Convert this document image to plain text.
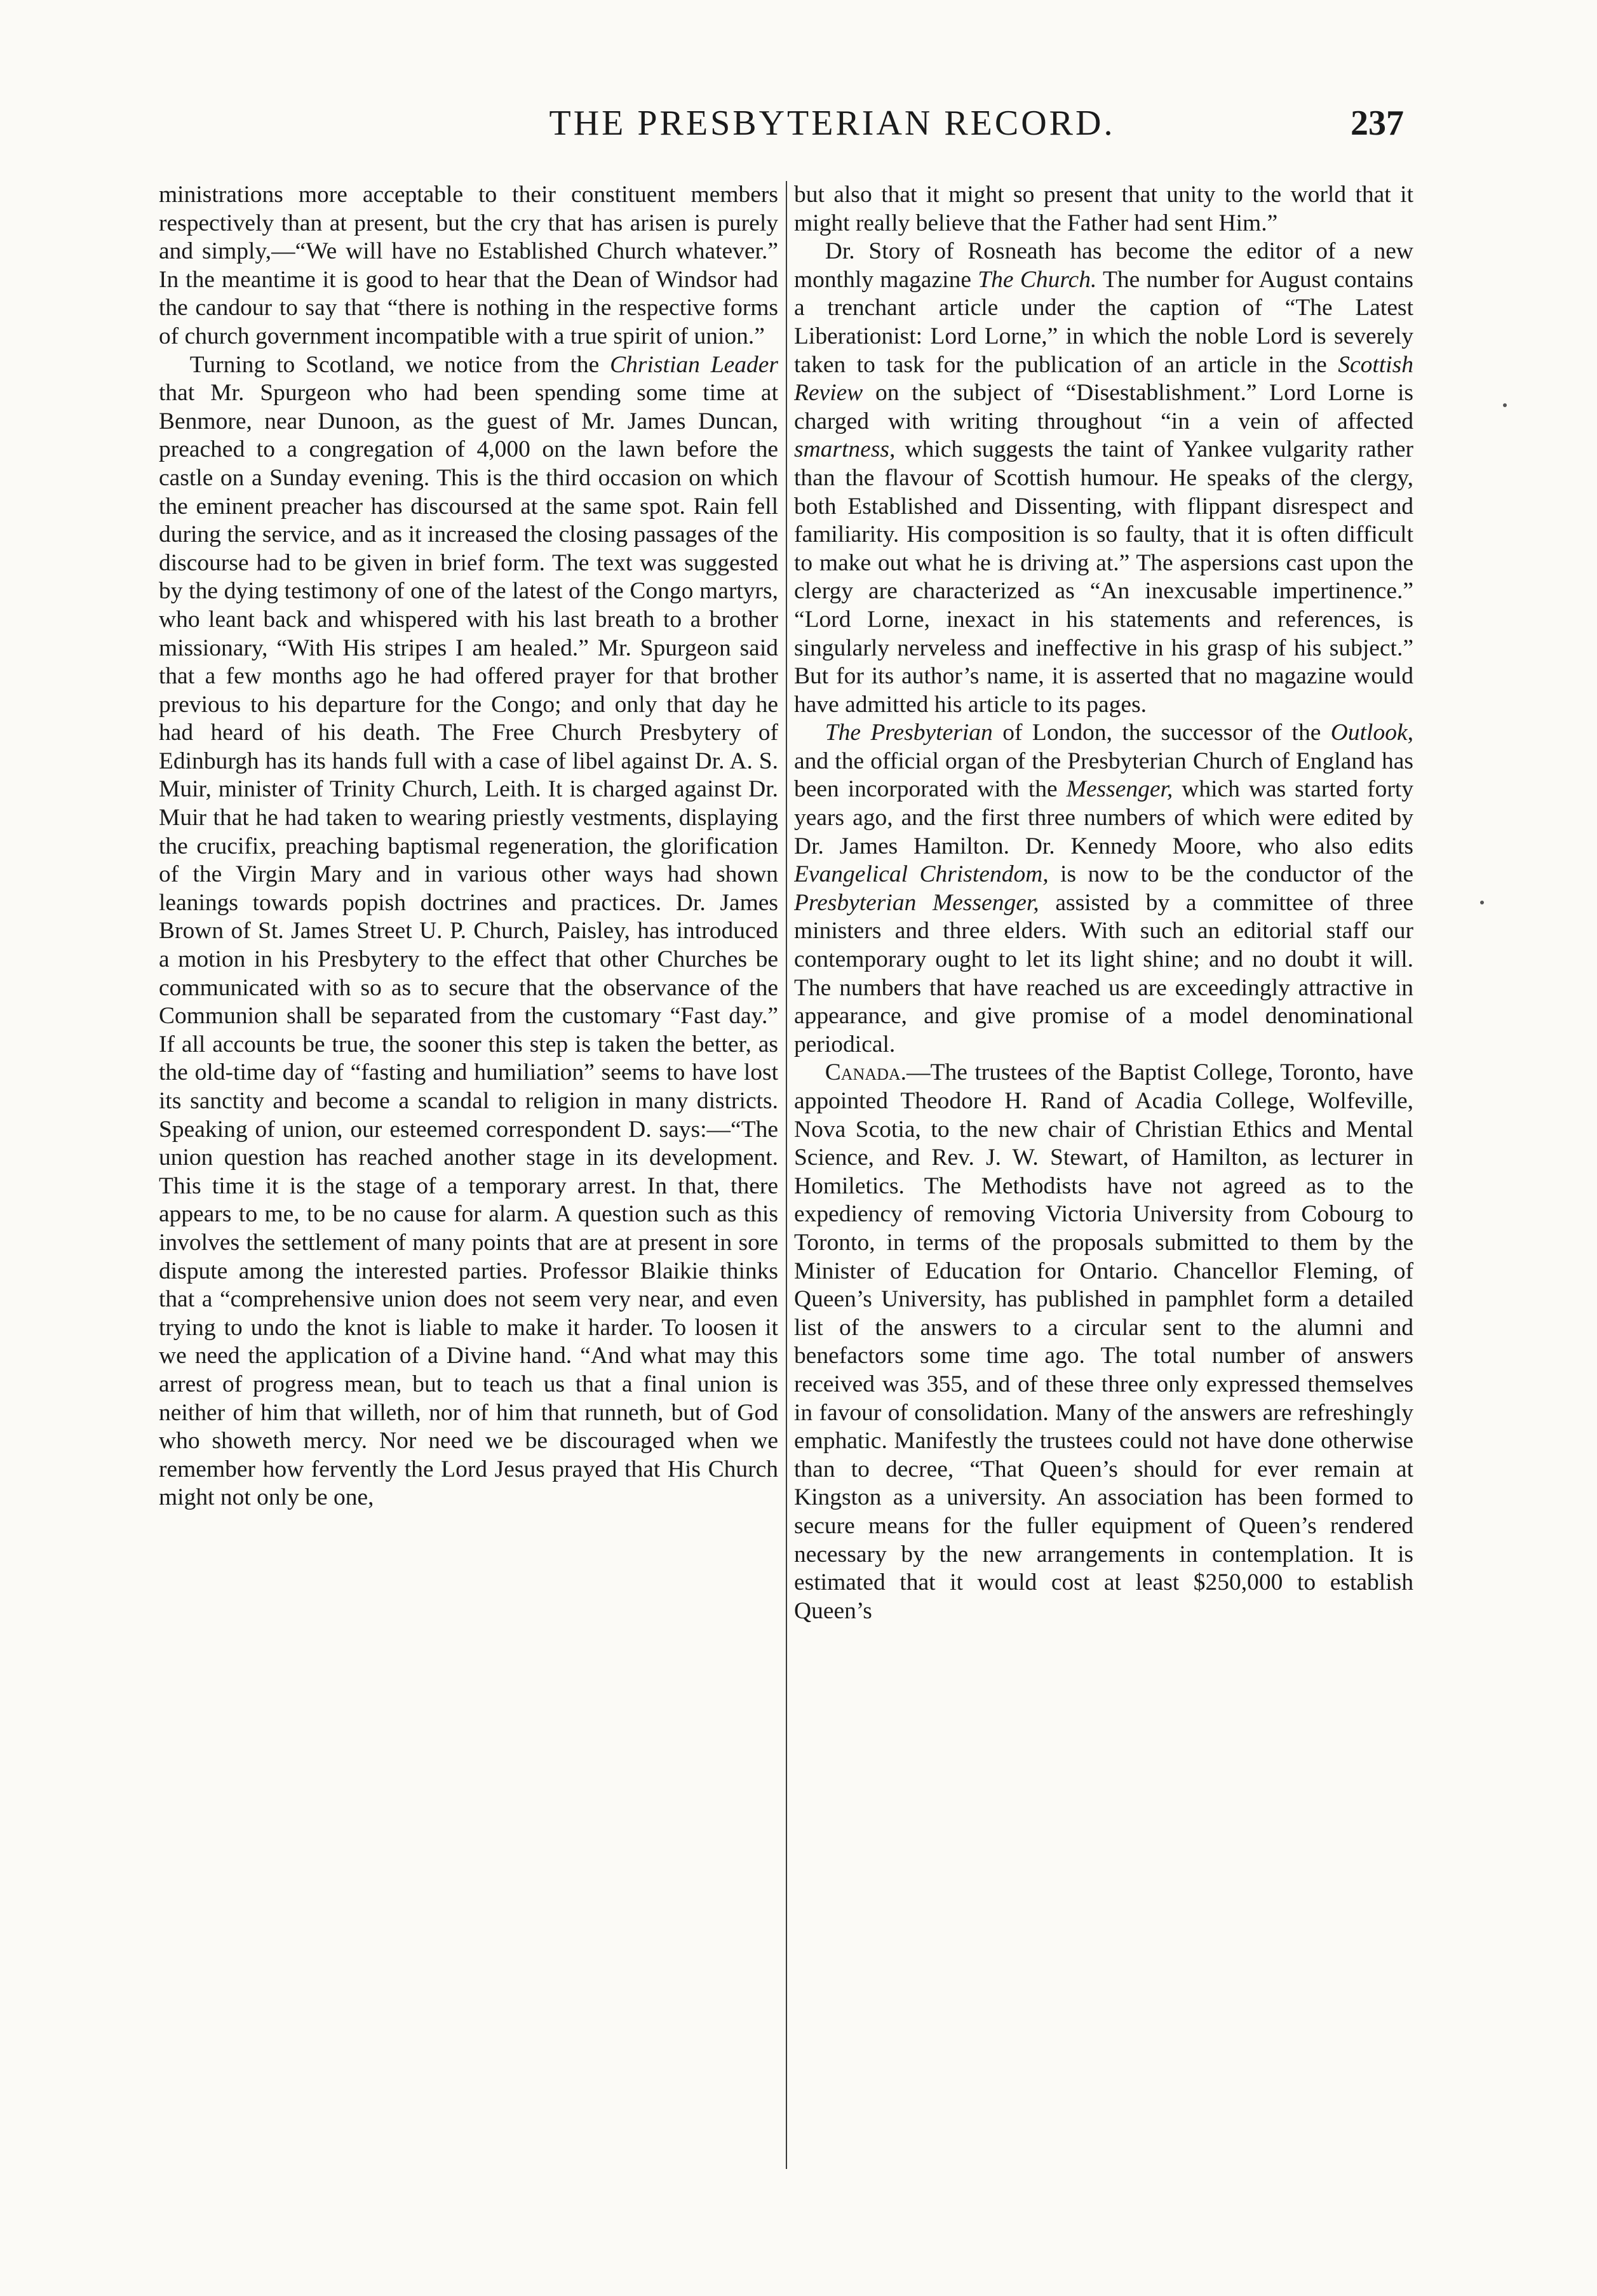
THE PRESBYTERIAN RECORD.	237

ministrations more acceptable to their constituent members respectively than at present, but the cry that has arisen is purely and simply,—“We will have no Established Church whatever.” In the meantime it is good to hear that the Dean of Windsor had the candour to say that “there is nothing in the respective forms of church government incompatible with a true spirit of union.”

Turning to Scotland, we notice from the Christian Leader that Mr. Spurgeon who had been spending some time at Benmore, near Dunoon, as the guest of Mr. James Duncan, preached to a congregation of 4,000 on the lawn before the castle on a Sunday evening. This is the third occasion on which the eminent preacher has discoursed at the same spot. Rain fell during the service, and as it increased the closing passages of the discourse had to be given in brief form. The text was suggested by the dying testimony of one of the latest of the Congo martyrs, who leant back and whispered with his last breath to a brother missionary, “With His stripes I am healed.” Mr. Spurgeon said that a few months ago he had offered prayer for that brother previous to his departure for the Congo; and only that day he had heard of his death. The Free Church Presbytery of Edinburgh has its hands full with a case of libel against Dr. A. S. Muir, minister of Trinity Church, Leith. It is charged against Dr. Muir that he had taken to wearing priestly vestments, displaying the crucifix, preaching baptismal regeneration, the glorification of the Virgin Mary and in various other ways had shown leanings towards popish doctrines and practices. Dr. James Brown of St. James Street U. P. Church, Paisley, has introduced a motion in his Presbytery to the effect that other Churches be communicated with so as to secure that the observance of the Communion shall be separated from the customary “Fast day.” If all accounts be true, the sooner this step is taken the better, as the old-time day of “fasting and humiliation” seems to have lost its sanctity and become a scandal to religion in many districts. Speaking of union, our esteemed correspondent D. says:—“The union question has reached another stage in its development. This time it is the stage of a temporary arrest. In that, there appears to me, to be no cause for alarm. A question such as this involves the settlement of many points that are at present in sore dispute among the interested parties. Professor Blaikie thinks that a “comprehensive union does not seem very near, and even trying to undo the knot is liable to make it harder. To loosen it we need the application of a Divine hand. “And what may this arrest of progress mean, but to teach us that a final union is neither of him that willeth, nor of him that runneth, but of God who showeth mercy. Nor need we be discouraged when we remember how fervently the Lord Jesus prayed that His Church might not only be one,

but also that it might so present that unity to the world that it might really believe that the Father had sent Him.”

Dr. Story of Rosneath has become the editor of a new monthly magazine The Church. The number for August contains a trenchant article under the caption of “The Latest Liberationist: Lord Lorne,” in which the noble Lord is severely taken to task for the publication of an article in the Scottish Review on the subject of “Disestablishment.” Lord Lorne is charged with writing throughout “in a vein of affected smartness, which suggests the taint of Yankee vulgarity rather than the flavour of Scottish humour. He speaks of the clergy, both Established and Dissenting, with flippant disrespect and familiarity. His composition is so faulty, that it is often difficult to make out what he is driving at.” The aspersions cast upon the clergy are characterized as “An inexcusable impertinence.” “Lord Lorne, inexact in his statements and references, is singularly nerveless and ineffective in his grasp of his subject.” But for its author’s name, it is asserted that no magazine would have admitted his article to its pages.

The Presbyterian of London, the successor of the Outlook, and the official organ of the Presbyterian Church of England has been incorporated with the Messenger, which was started forty years ago, and the first three numbers of which were edited by Dr. James Hamilton. Dr. Kennedy Moore, who also edits Evangelical Christendom, is now to be the conductor of the Presbyterian Messenger, assisted by a committee of three ministers and three elders. With such an editorial staff our contemporary ought to let its light shine; and no doubt it will. The numbers that have reached us are exceedingly attractive in appearance, and give promise of a model denominational periodical.

Canada.—The trustees of the Baptist College, Toronto, have appointed Theodore H. Rand of Acadia College, Wolfeville, Nova Scotia, to the new chair of Christian Ethics and Mental Science, and Rev. J. W. Stewart, of Hamilton, as lecturer in Homiletics. The Methodists have not agreed as to the expediency of removing Victoria University from Cobourg to Toronto, in terms of the proposals submitted to them by the Minister of Education for Ontario. Chancellor Fleming, of Queen’s University, has published in pamphlet form a detailed list of the answers to a circular sent to the alumni and benefactors some time ago. The total number of answers received was 355, and of these three only expressed themselves in favour of consolidation. Many of the answers are refreshingly emphatic. Manifestly the trustees could not have done otherwise than to decree, “That Queen’s should for ever remain at Kingston as a university. An association has been formed to secure means for the fuller equipment of Queen’s rendered necessary by the new arrangements in contemplation. It is estimated that it would cost at least $250,000 to establish Queen’s
